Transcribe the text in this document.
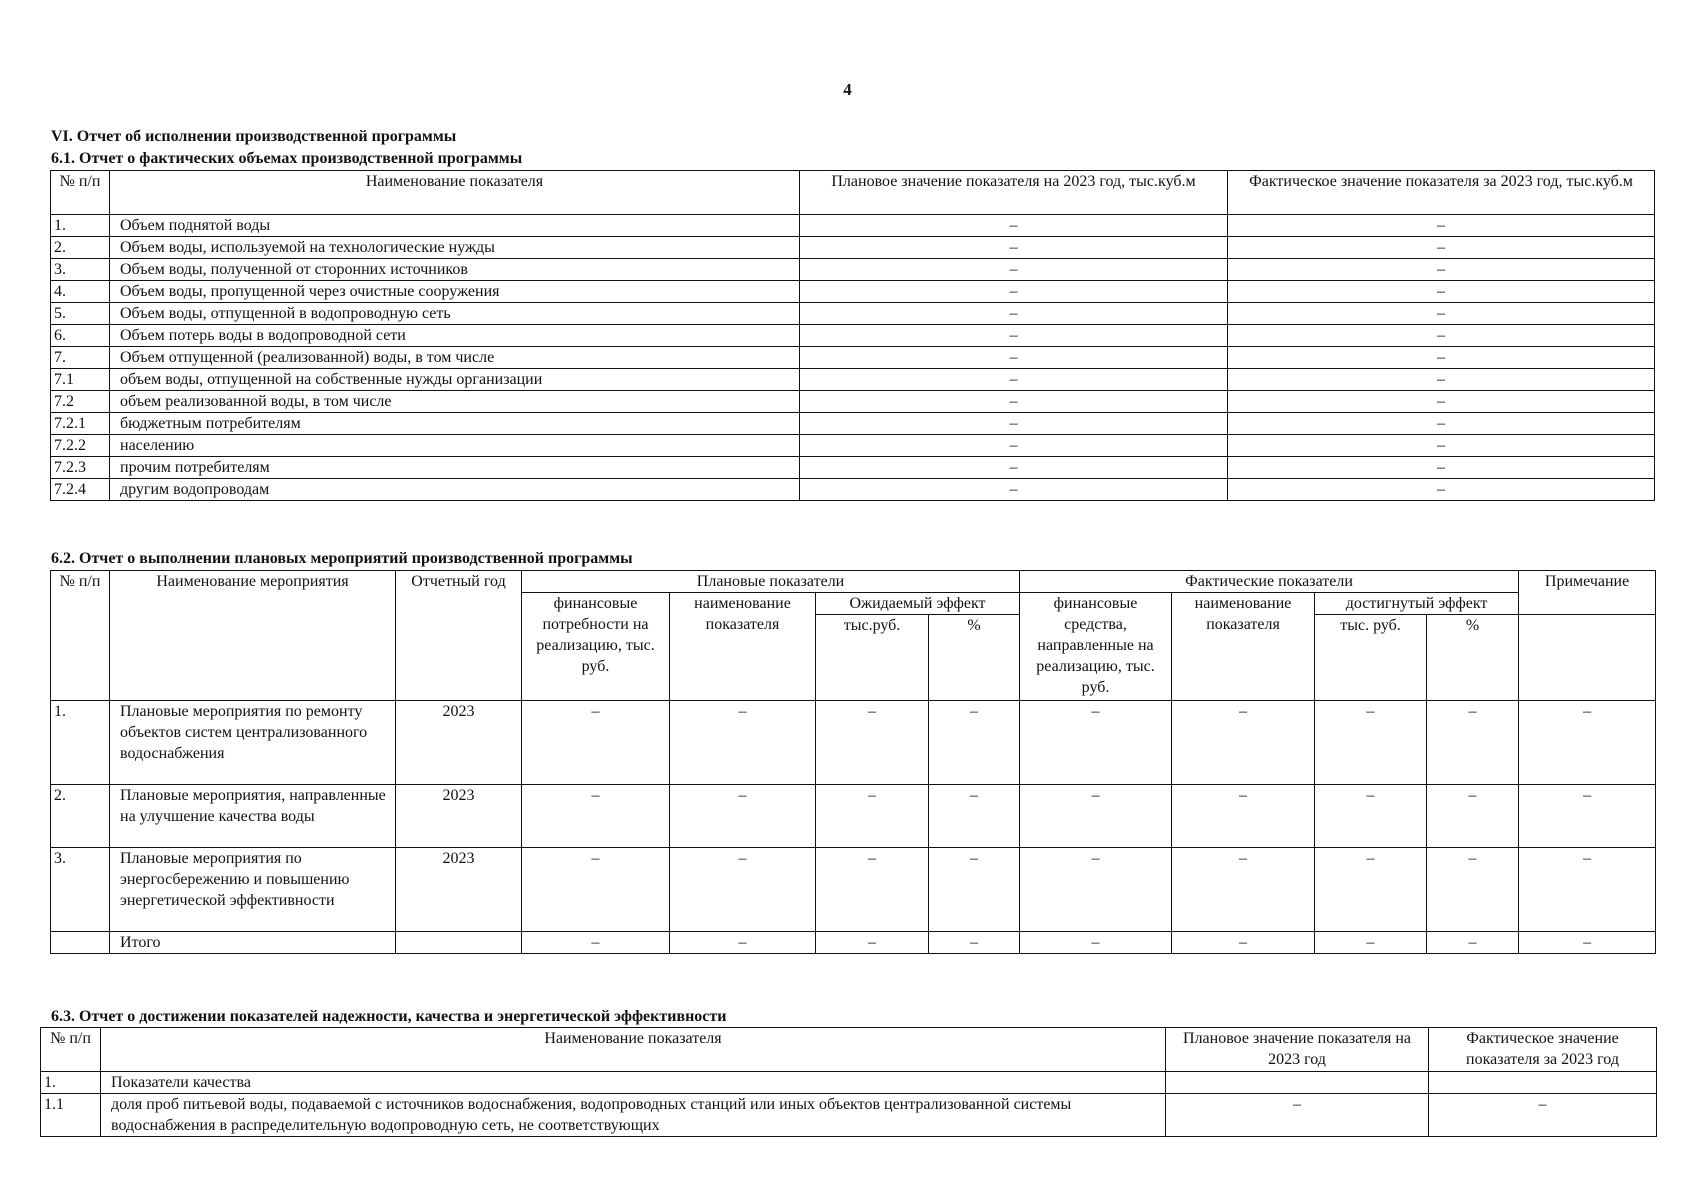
4
VI. Отчет об исполнении производственной программы
6.1. Отчет о фактических объемах производственной программы
№ п/п	Наименование показателя	Плановое значение показателя на 2023 год, тыс.куб.м	Фактическое значение показателя за 2023 год, тыс.куб.м
1.	Объем поднятой воды	–	–
2.	Объем воды, используемой на технологические нужды	–	–
3.	Объем воды, полученной от сторонних источников	–	–
4.	Объем воды, пропущенной через очистные сооружения	–	–
5.	Объем воды, отпущенной в водопроводную сеть	–	–
6.	Объем потерь воды в водопроводной сети	–	–
7.	Объем отпущенной (реализованной) воды, в том числе	–	–
7.1	объем воды, отпущенной на собственные нужды организации	–	–
7.2	объем реализованной воды, в том числе	–	–
7.2.1	бюджетным потребителям	–	–
7.2.2	населению	–	–
7.2.3	прочим потребителям	–	–
7.2.4	другим водопроводам	–	–
6.2. Отчет о выполнении плановых мероприятий производственной программы
№ п/п	Наименование мероприятия	Отчетный год	Плановые показатели				Фактические показатели				Примечание
			финансовые потребности на реализацию, тыс. руб.	наименование показателя	Ожидаемый эффект		финансовые средства, направленные на реализацию, тыс. руб.	наименование показателя	достигнутый эффект		
					тыс.руб.	%			тыс. руб.	%	
1.	Плановые мероприятия по ремонту объектов систем централизованного водоснабжения	2023	–	–	–	–	–	–	–	–	–
2.	Плановые мероприятия, направленные на улучшение качества воды	2023	–	–	–	–	–	–	–	–	–
3.	Плановые мероприятия по энергосбережению и повышению энергетической эффективности	2023	–	–	–	–	–	–	–	–	–
	Итого		–	–	–	–	–	–	–	–	–
6.3. Отчет о достижении показателей надежности, качества и энергетической эффективности
№ п/п	Наименование показателя	Плановое значение показателя на 2023 год	Фактическое значение показателя за 2023 год
1.	Показатели качества		
1.1	доля проб питьевой воды, подаваемой с источников водоснабжения, водопроводных станций или иных объектов централизованной системы водоснабжения в распределительную водопроводную сеть, не соответствующих	–	–
